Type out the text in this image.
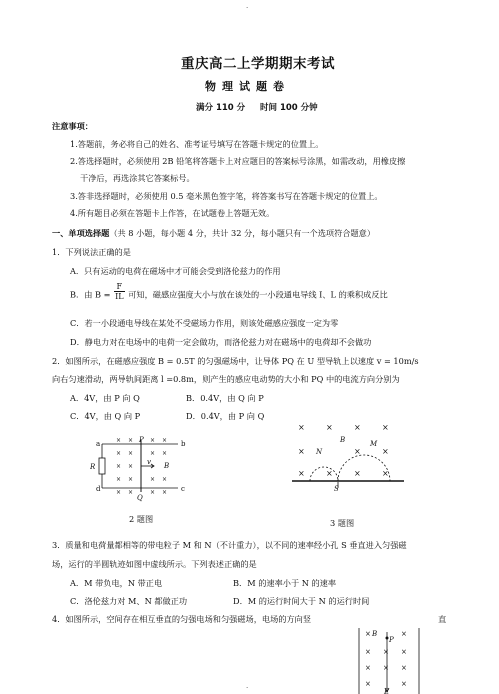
.
重庆高二上学期期末考试
物理试题卷
满分 110 分 时间 100 分钟
注意事项：
1.答题前，务必将自己的姓名、准考证号填写在答题卡规定的位置上。
2.答选择题时，必须使用 2B 铅笔将答题卡上对应题目的答案标号涂黑，如需改动，用橡皮擦
干净后，再选涂其它答案标号。
3.答非选择题时，必须使用 0.5 毫米黑色签字笔，将答案书写在答题卡规定的位置上。
4.所有题目必须在答题卡上作答，在试题卷上答题无效。
一、单项选择题（共 8 小题，每小题 4 分，共计 32 分，每小题只有一个选项符合题意）
1．下列说法正确的是
A．只有运动的电荷在磁场中才可能会受到洛伦兹力的作用
B．由 $B = \frac{F}{IL}$ 可知，磁感应强度大小与放在该处的一小段通电导线 I、L 的乘积成反比
C．若一小段通电导线在某处不受磁场力作用，则该处磁感应强度一定为零
D．静电力对在电场中的电荷一定会做功，而洛伦兹力对在磁场中的电荷却不会做功
2．如图所示，在磁感应强度 B = 0.5T 的匀强磁场中，让导体 PQ 在 U 型导轨上以速度 v = 10m/s
向右匀速滑动，两导轨间距离 l =0.8m，则产生的感应电动势的大小和 PQ 中的电流方向分别为
A．4V，由 P 向 Q	B．0.4V，由 Q 向 P
C．4V，由 Q 向 P	D．0.4V，由 P 向 Q
a
d
b
c
R
P
Q
v B
× ×	× ×
× ×	× ×
× ×
× ×	× ×
× ×	× ×
2 题图
×	×	×	×
×	×	×
×	×	×	×
B
N
M
S
3 题图
3．质量和电荷量都相等的带电粒子 M 和 N（不计重力），以不同的速率经小孔 S 垂直进入匀强磁
场，运行的半圆轨迹如图中虚线所示。下列表述正确的是
A．M 带负电，N 带正电	B．M 的速率小于 N 的速率
C．洛伦兹力对 M、N 都做正功	D．M 的运行时间大于 N 的运行时间
4．如图所示，空间存在相互垂直的匀强电场和匀强磁场，电场的方向竖	直
× B	×
P
× × ×
× × ×
×	×
E
.
